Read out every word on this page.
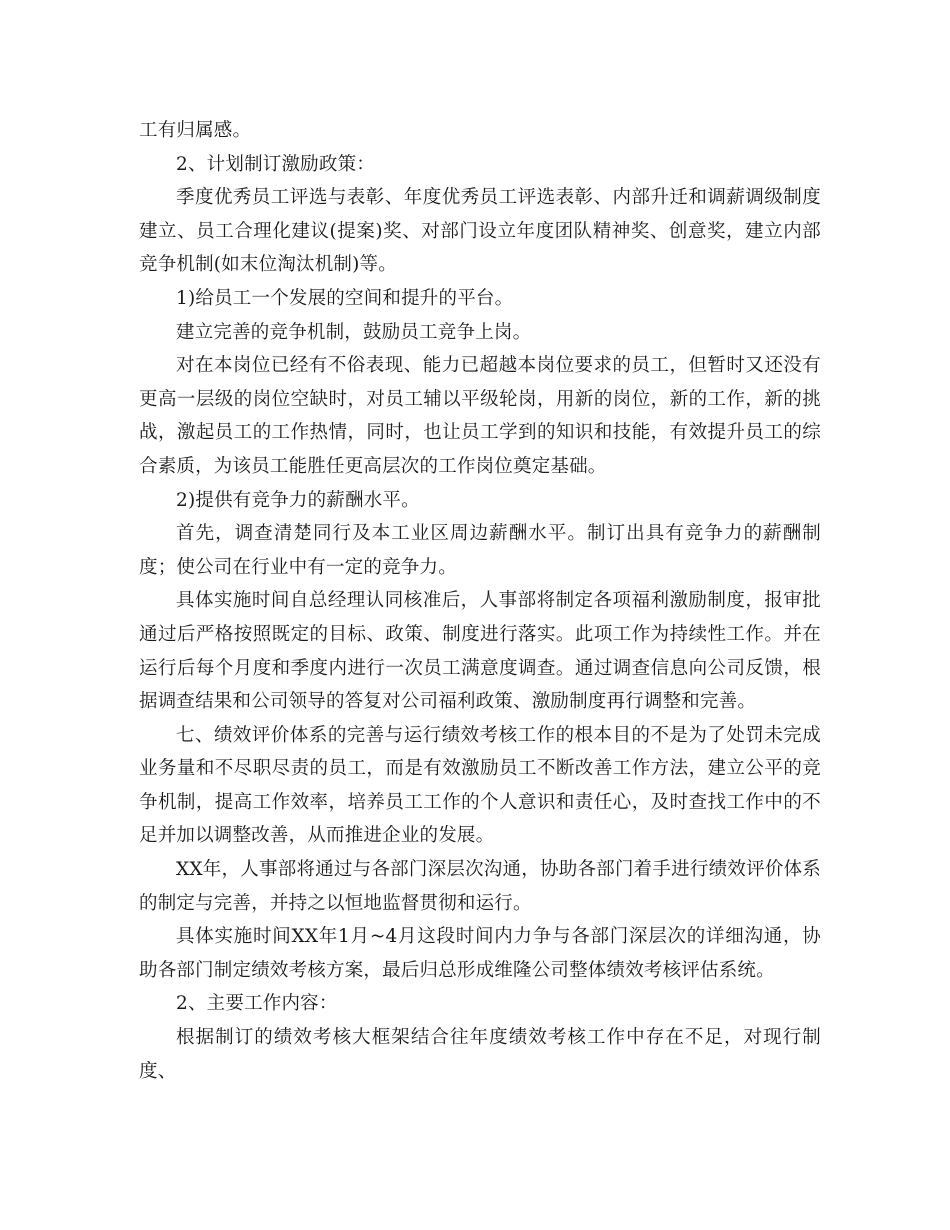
工有归属感。

2、计划制订激励政策：

季度优秀员工评选与表彰、年度优秀员工评选表彰、内部升迁和调薪调级制度建立、员工合理化建议(提案)奖、对部门设立年度团队精神奖、创意奖，建立内部竞争机制(如末位淘汰机制)等。

1)给员工一个发展的空间和提升的平台。

建立完善的竞争机制，鼓励员工竞争上岗。

对在本岗位已经有不俗表现、能力已超越本岗位要求的员工，但暂时又还没有更高一层级的岗位空缺时，对员工辅以平级轮岗，用新的岗位，新的工作，新的挑战，激起员工的工作热情，同时，也让员工学到的知识和技能，有效提升员工的综合素质，为该员工能胜任更高层次的工作岗位奠定基础。

2)提供有竞争力的薪酬水平。

首先，调查清楚同行及本工业区周边薪酬水平。制订出具有竞争力的薪酬制度；使公司在行业中有一定的竞争力。

具体实施时间自总经理认同核准后，人事部将制定各项福利激励制度，报审批通过后严格按照既定的目标、政策、制度进行落实。此项工作为持续性工作。并在运行后每个月度和季度内进行一次员工满意度调查。通过调查信息向公司反馈，根据调查结果和公司领导的答复对公司福利政策、激励制度再行调整和完善。

七、绩效评价体系的完善与运行绩效考核工作的根本目的不是为了处罚未完成业务量和不尽职尽责的员工，而是有效激励员工不断改善工作方法，建立公平的竞争机制，提高工作效率，培养员工工作的个人意识和责任心，及时查找工作中的不足并加以调整改善，从而推进企业的发展。

XX年，人事部将通过与各部门深层次沟通，协助各部门着手进行绩效评价体系的制定与完善，并持之以恒地监督贯彻和运行。

具体实施时间XX年1月~4月这段时间内力争与各部门深层次的详细沟通，协助各部门制定绩效考核方案，最后归总形成维隆公司整体绩效考核评估系统。

2、主要工作内容：

根据制订的绩效考核大框架结合往年度绩效考核工作中存在不足，对现行制度、
